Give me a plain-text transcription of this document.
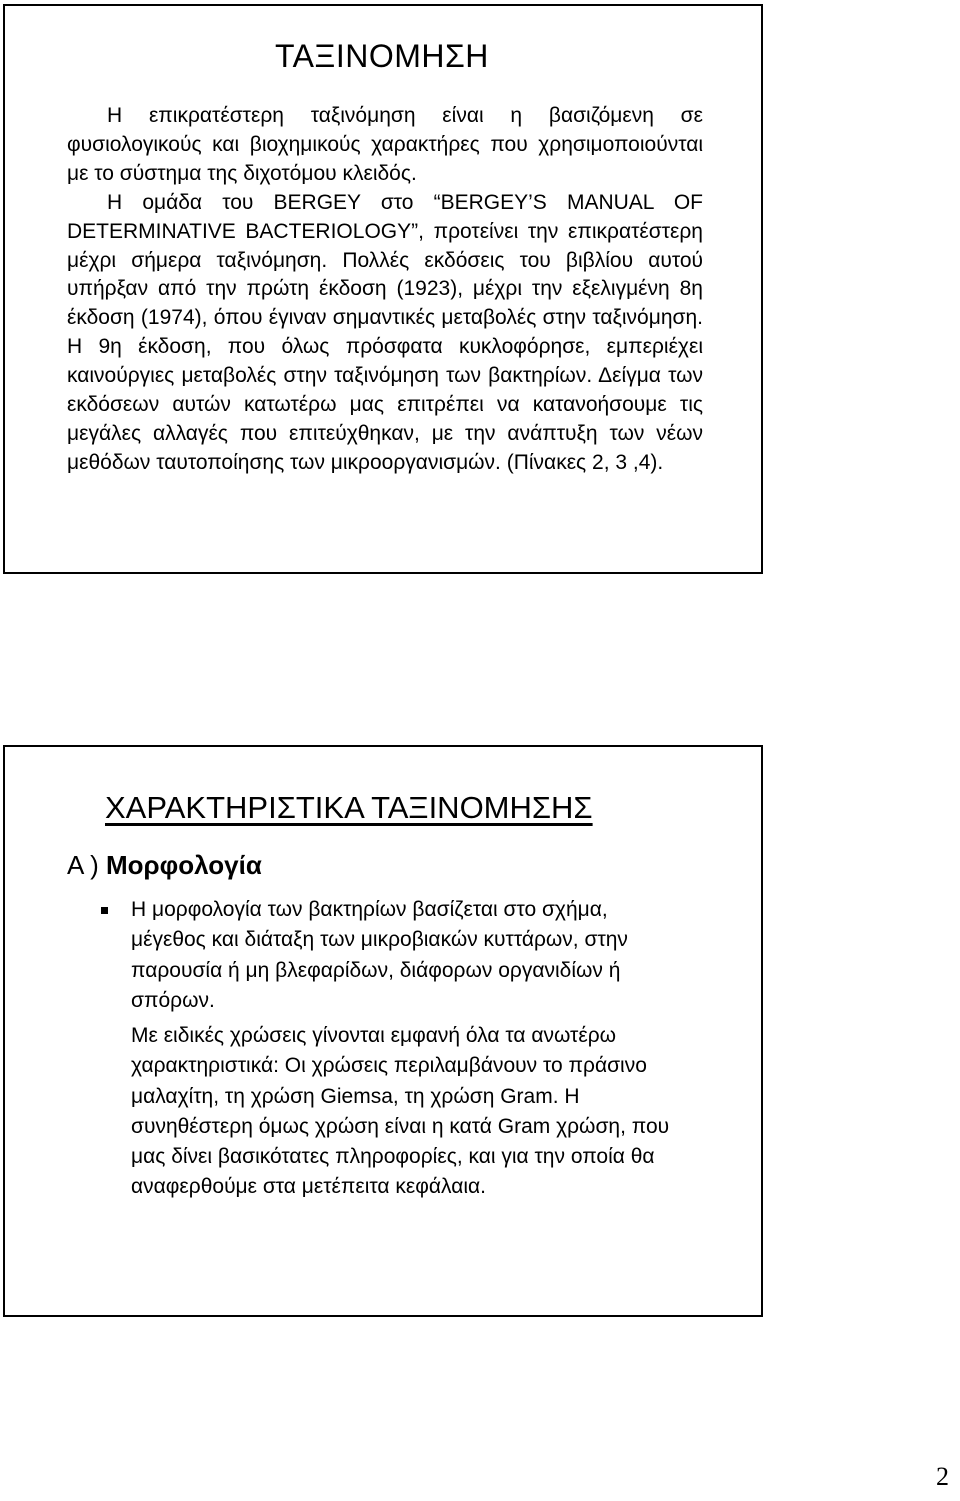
ΤΑΞΙΝΟΜΗΣΗ

Η επικρατέστερη ταξινόμηση είναι η βασιζόμενη σε φυσιολογικούς και βιοχημικούς χαρακτήρες που χρησιμοποιούνται με το σύστημα της διχοτόμου κλειδός.

Η ομάδα του BERGEY στο “BERGEY’S MANUAL OF DETERMINATIVE BACTERIOLOGY”, προτείνει την επικρατέστερη μέχρι σήμερα ταξινόμηση. Πολλές εκδόσεις του βιβλίου αυτού υπήρξαν από την πρώτη έκδοση (1923), μέχρι την εξελιγμένη 8η έκδοση (1974), όπου έγιναν σημαντικές μεταβολές στην ταξινόμηση. Η 9η έκδοση, που όλως πρόσφατα κυκλοφόρησε, εμπεριέχει καινούργιες μεταβολές στην ταξινόμηση των βακτηρίων. Δείγμα των εκδόσεων αυτών κατωτέρω μας επιτρέπει να κατανοήσουμε τις μεγάλες αλλαγές που επιτεύχθηκαν, με την ανάπτυξη των νέων μεθόδων ταυτοποίησης των μικροοργανισμών. (Πίνακες 2, 3 ,4).

ΧΑΡΑΚΤΗΡΙΣΤΙΚΑ ΤΑΞΙΝΟΜΗΣΗΣ
Α ) Μορφολογία

Η μορφολογία των βακτηρίων βασίζεται στο σχήμα, μέγεθος και διάταξη των μικροβιακών κυττάρων, στην παρουσία ή μη βλεφαρίδων, διάφορων οργανιδίων ή σπόρων.

Με ειδικές χρώσεις γίνονται εμφανή όλα τα ανωτέρω χαρακτηριστικά: Οι χρώσεις περιλαμβάνουν το πράσινο μαλαχίτη, τη χρώση Giemsa, τη χρώση Gram. Η συνηθέστερη όμως χρώση είναι η κατά Gram χρώση, που μας δίνει βασικότατες πληροφορίες, και για την οποία θα αναφερθούμε στα μετέπειτα κεφάλαια.

2
